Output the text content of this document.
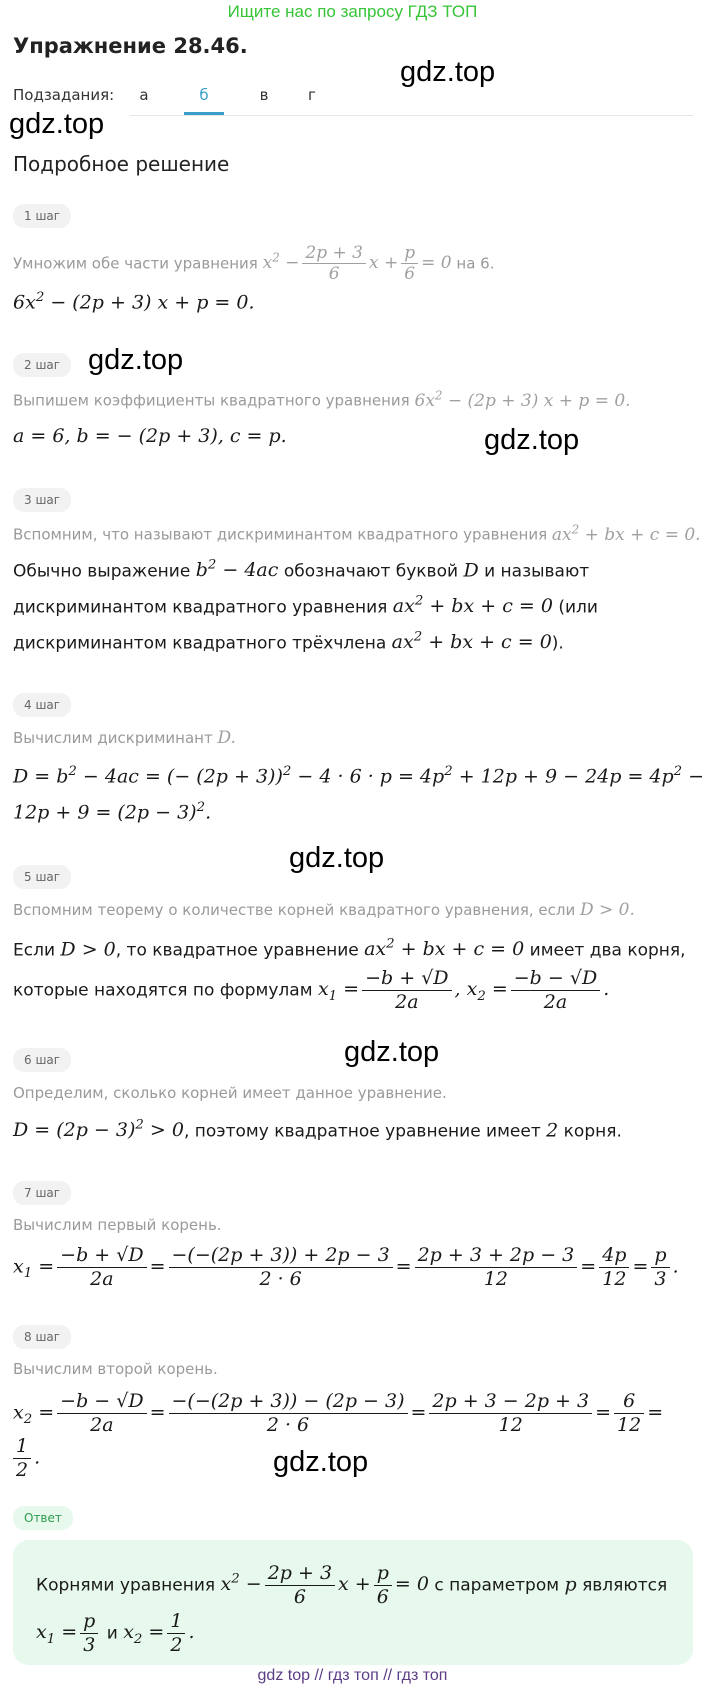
Ищите нас по запросу ГДЗ ТОП
Упражнение 28.46.
Подзадания:	а	б	в	г
gdz.top
gdz.top
gdz.top
gdz.top
gdz.top
gdz.top
gdz.top
Подробное решение
1 шаг
Умножим обе части уравнения $x^2 - \frac{2p + 3}{6}$ $x + \frac{p}{6} = 0$ на 6.
$6x^2 - (2p + 3) x + p = 0$.
2 шаг
Выпишем коэффициенты квадратного уравнения $6x^2 - (2p + 3) x + p = 0$.
a = 6, b = − (2p + 3), c = p.
3 шаг
Вспомним, что называют дискриминантом квадратного уравнения $ax^2$ + bx + c = 0.
Обычно выражение $b^2 - 4ac$ обозначают буквой D и называют
дискриминантом квадратного уравнения $ax^2$ + bx + c = 0 (или
дискриминантом квадратного трёхчлена $ax^2$ + bx + c = 0).
4 шаг
Вычислим дискриминант D.
$D = b^2 - 4ac$ = (− $(2p + 3))^2 - 4 \cdot 6 \cdot p = 4p^2 + 12p + 9 - 24p = 4p^2$ −
$12p + 9 = (2p - 3)^2$.
5 шаг
Вспомним теорему о количестве корней квадратного уравнения, если D > 0.
Если D > 0, то квадратное уравнение $ax^2$ + bx + c = 0 имеет два корня,
которые находятся по формулам $x_1 = \frac{-b + √D}{2a}$ , $x_2 = \frac{-b - √D}{2a}$ .
6 шаг
Определим, сколько корней имеет данное уравнение.
$D = (2p - 3)^2 > 0$, поэтому квадратное уравнение имеет 2 корня.
7 шаг
Вычислим первый корень.
$x_1 = \frac{-b + √D}{2a} = \frac{-(-(2p + 3)) + 2p - 3}{2 \cdot 6} = \frac{2p + 3 + 2p - 3}{12} = \frac{4p}{12} = \frac{p}{3}$ .
8 шаг
Вычислим второй корень.
$x_2 = \frac{-b - √D}{2a} = \frac{-(-(2p + 3)) - (2p - 3)}{2 \cdot 6} = \frac{2p + 3 - 2p + 3}{12} = \frac{6}{12}$ =
$\frac{1}{2}$ .
Ответ
Корнями уравнения $x^2 - \frac{2p + 3}{6}$ $x + \frac{p}{6} = 0$ с параметром p являются
$x_1 = \frac{p}{3}$ и $x_2 = \frac{1}{2}$ .
gdz top // гдз топ // гдз топ
